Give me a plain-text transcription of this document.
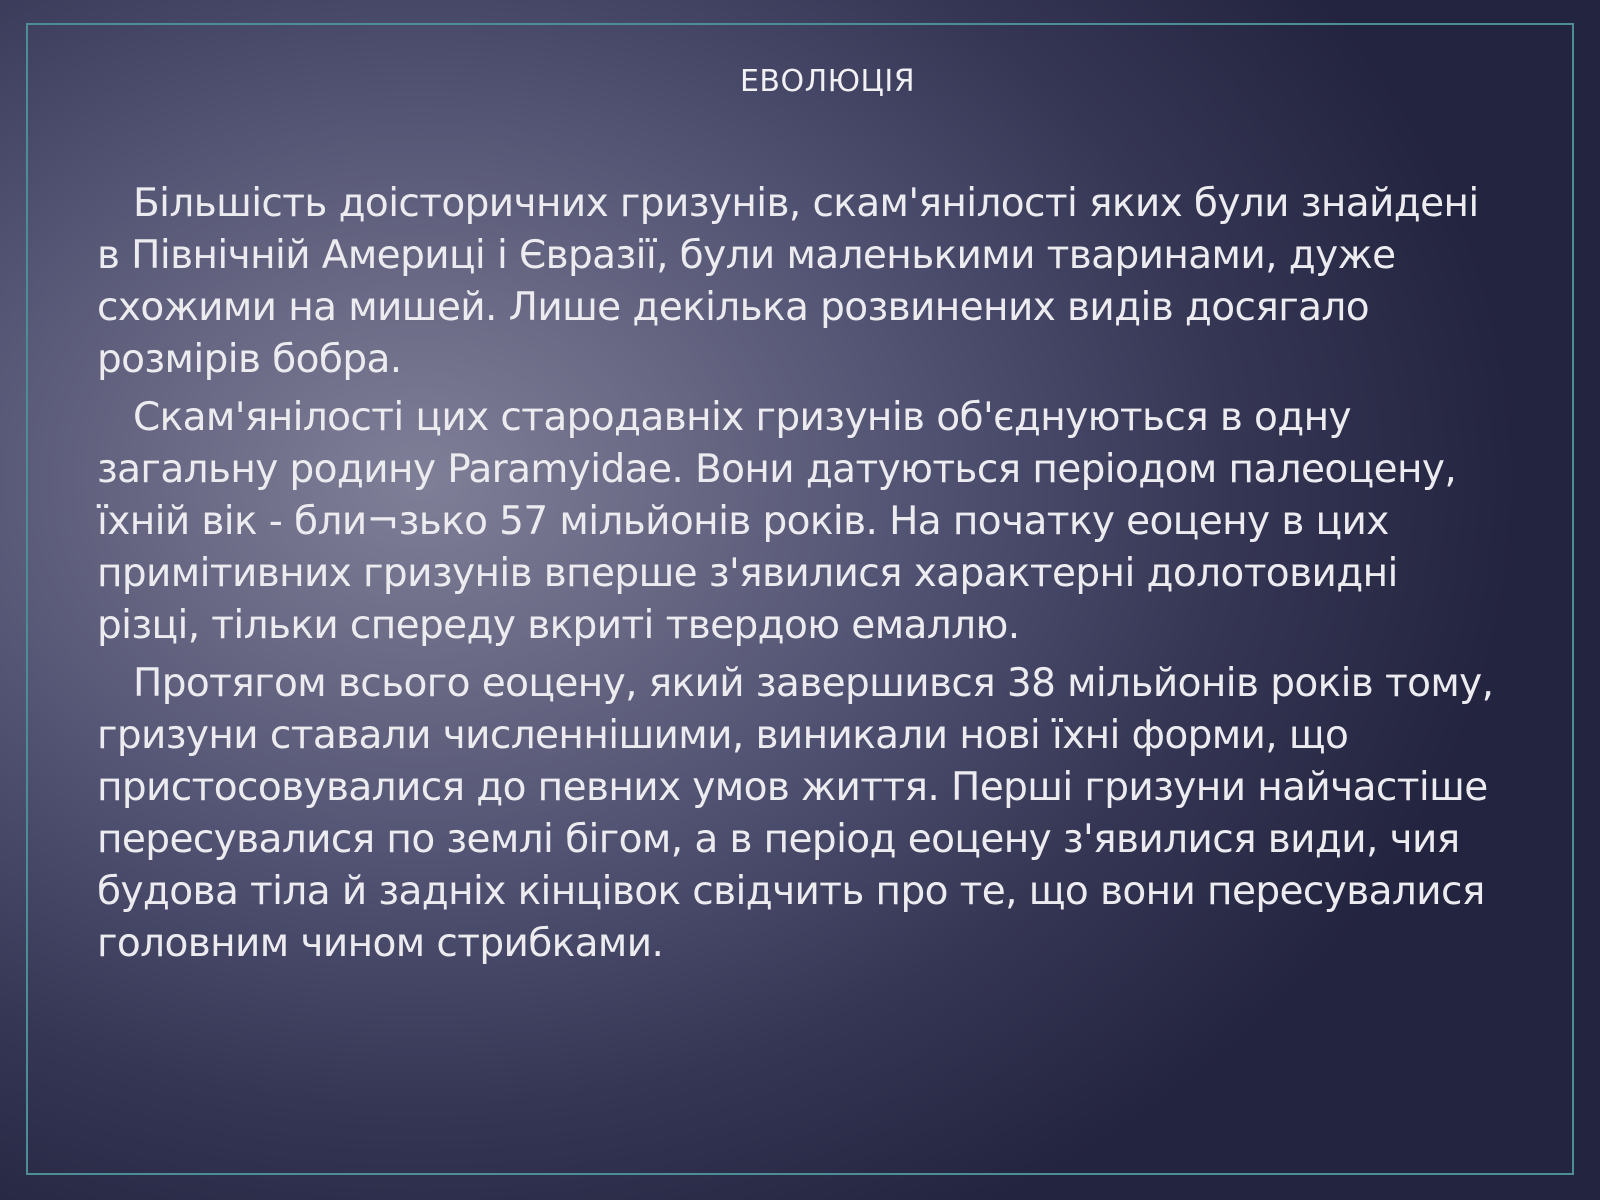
ЕВОЛЮЦІЯ

Більшість доісторичних гризунів, скам'янілості яких були знайдені в Північній Америці і Євразії, були маленькими тваринами, дуже схожими на мишей. Лише декілька розвинених видів досягало розмірів бобра.

Скам'янілості цих стародавніх гризунів об'єднуються в одну загальну родину Paramyidae. Вони датуються періодом палеоцену, їхній вік - бли¬зько 57 мільйонів років. На початку еоцену в цих примітивних гризунів вперше з'явилися характерні долотовидні різці, тільки спереду вкриті твердою емаллю.

Протягом всього еоцену, який завершився 38 мільйонів років тому, гризуни ставали численнішими, виникали нові їхні форми, що пристосовувалися до певних умов життя. Перші гризуни найчастіше пересувалися по землі бігом, а в період еоцену з'явилися види, чия будова тіла й задніх кінцівок свідчить про те, що вони пересувалися головним чином стрибками.
